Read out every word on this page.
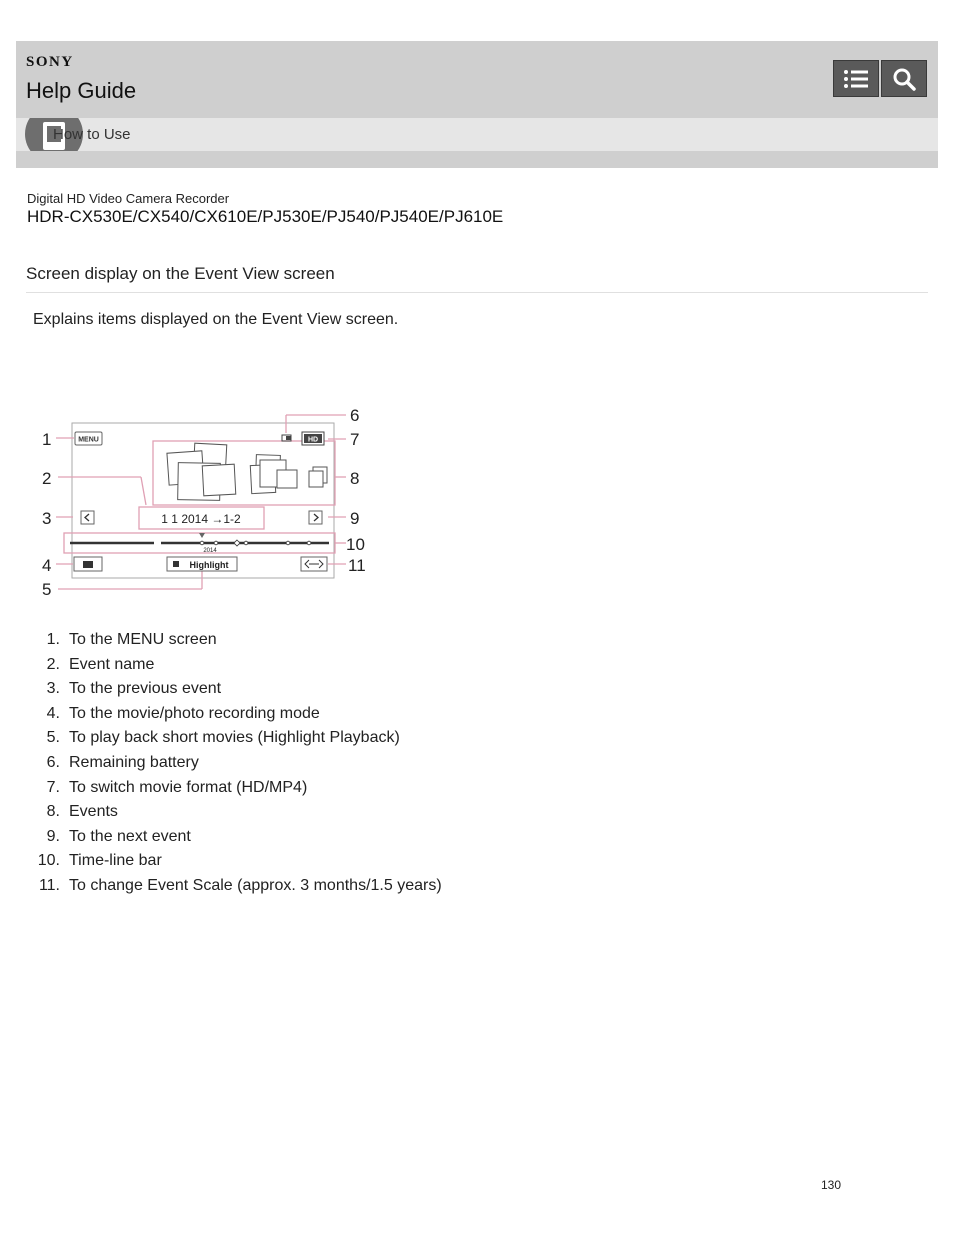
SONY
Help Guide
How to Use
Digital HD Video Camera Recorder
HDR-CX530E/CX540/CX610E/PJ530E/PJ540/PJ540E/PJ610E
Screen display on the Event View screen
Explains items displayed on the Event View screen.
MENU	HD
1 1 2014 →1-2
2014
Highlight
1
2
3
4
5
6
7
8
9
10
11
1. To the MENU screen
2. Event name
3. To the previous event
4. To the movie/photo recording mode
5. To play back short movies (Highlight Playback)
6. Remaining battery
7. To switch movie format (HD/MP4)
8. Events
9. To the next event
10. Time-line bar
11. To change Event Scale (approx. 3 months/1.5 years)
130
